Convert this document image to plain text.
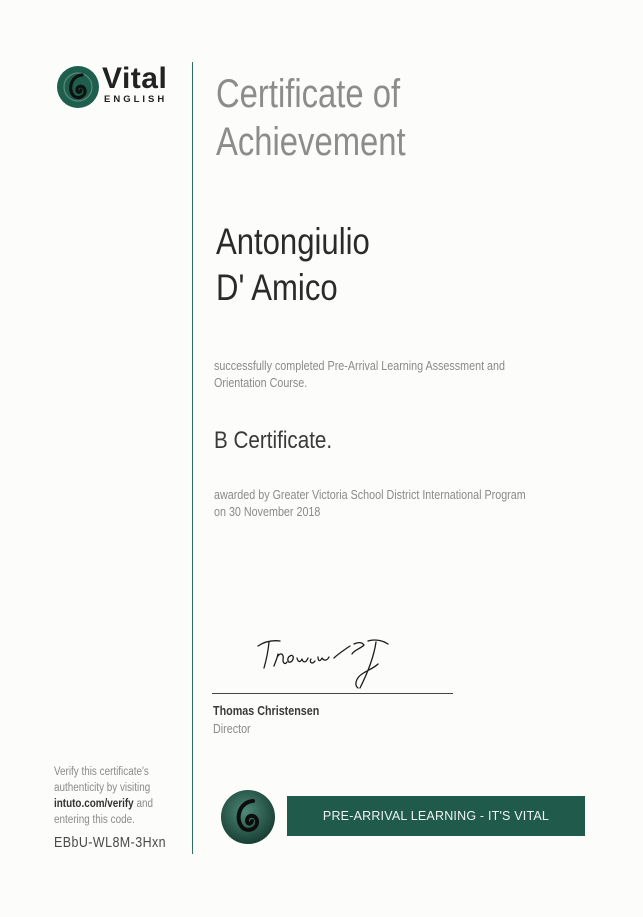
Vital
ENGLISH Certificate of
Achievement
Antongiulio
D' Amico
successfully completed Pre-Arrival Learning Assessment and Orientation Course.
B Certificate.
awarded by Greater Victoria School District International Program
on 30 November 2018
Thomas Christensen
Director
Verify this certificate's authenticity by visiting intuto.com/verify and entering this code.
EBbU-WL8M-3Hxn
PRE-ARRIVAL LEARNING - IT'S VITAL
